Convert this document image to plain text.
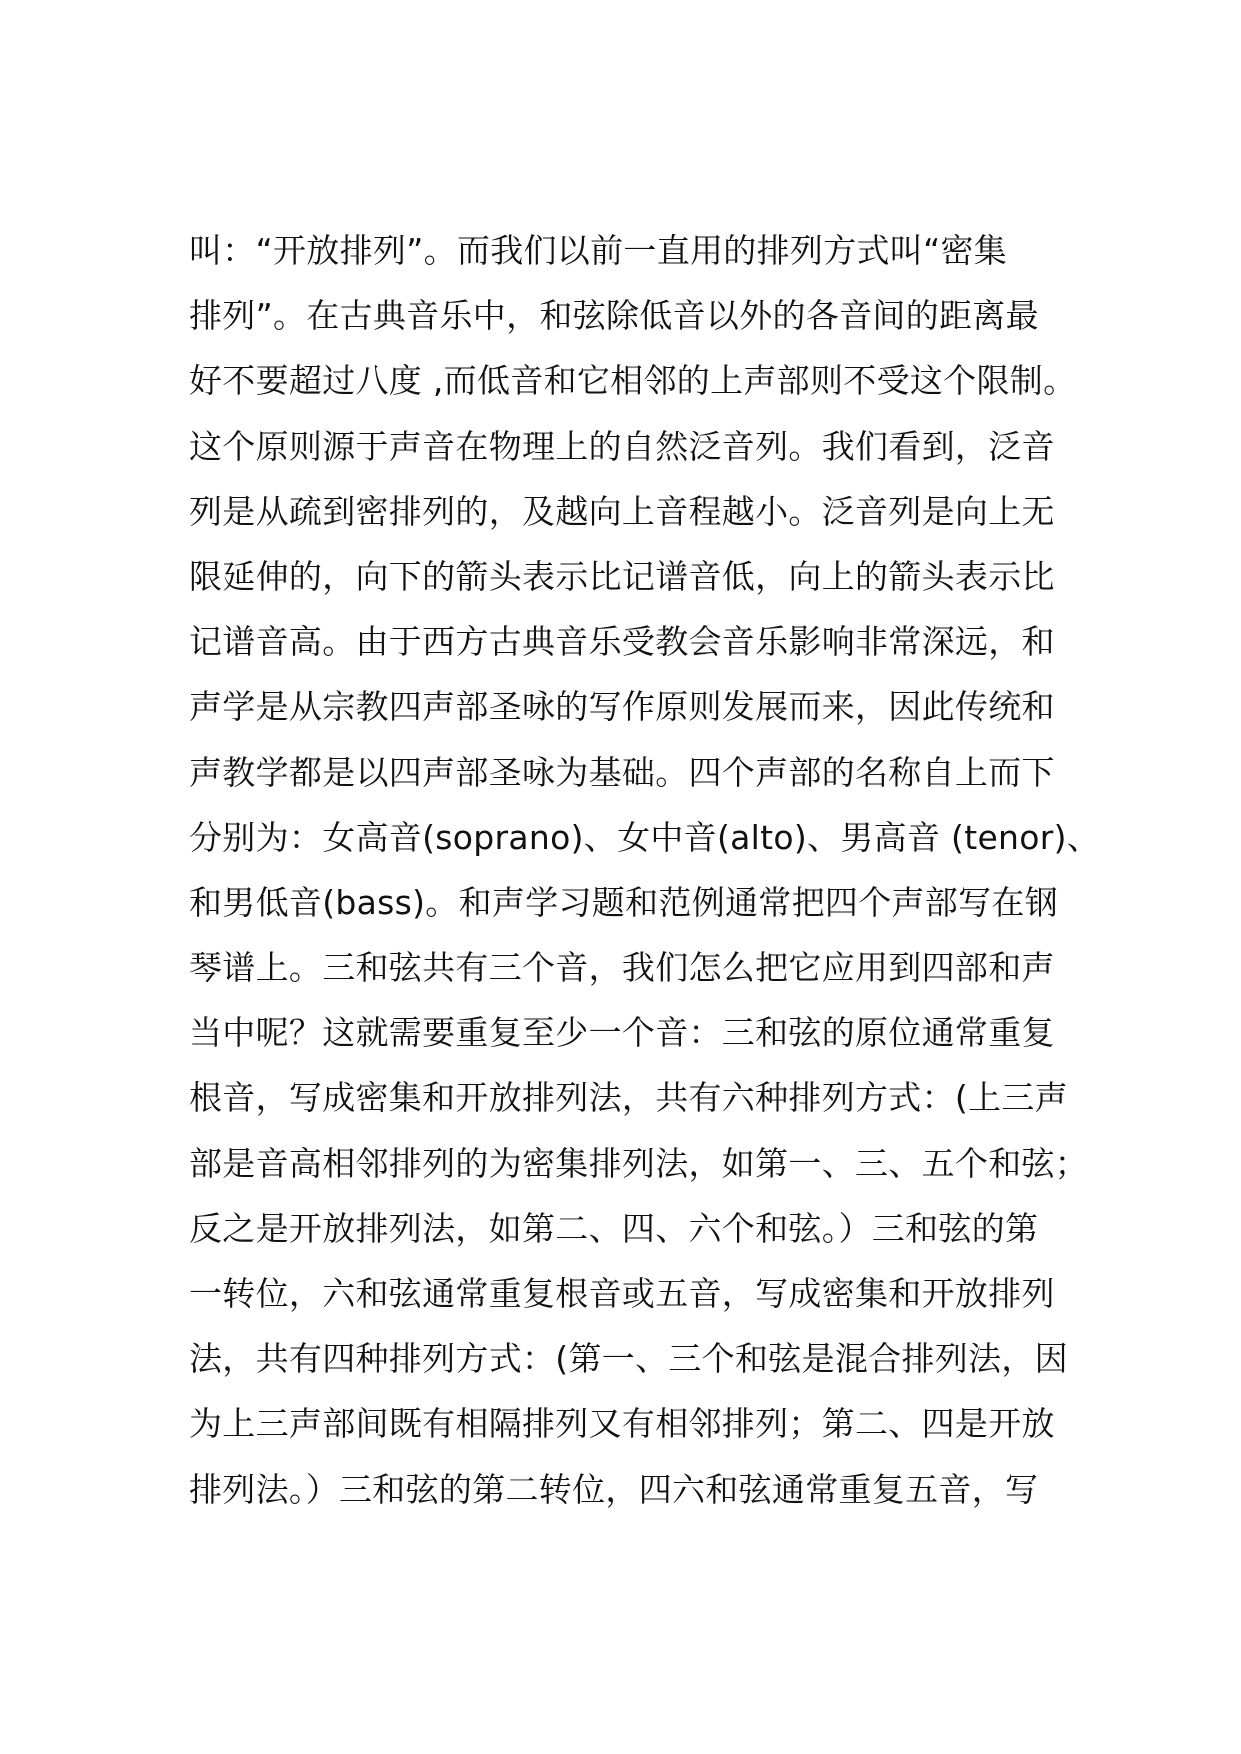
叫：“开放排列”。而我们以前一直用的排列方式叫“密集
排列”。在古典音乐中，和弦除低音以外的各音间的距离最
好不要超过八度 ,而低音和它相邻的上声部则不受这个限制。
这个原则源于声音在物理上的自然泛音列。我们看到，泛音
列是从疏到密排列的，及越向上音程越小。泛音列是向上无
限延伸的，向下的箭头表示比记谱音低，向上的箭头表示比
记谱音高。由于西方古典音乐受教会音乐影响非常深远，和
声学是从宗教四声部圣咏的写作原则发展而来，因此传统和
声教学都是以四声部圣咏为基础。四个声部的名称自上而下
分别为：女高音(soprano)、女中音(alto)、男高音 (tenor)、
和男低音(bass)。和声学习题和范例通常把四个声部写在钢
琴谱上。三和弦共有三个音，我们怎么把它应用到四部和声
当中呢？这就需要重复至少一个音：三和弦的原位通常重复
根音，写成密集和开放排列法，共有六种排列方式：(上三声
部是音高相邻排列的为密集排列法，如第一、三、五个和弦；
反之是开放排列法，如第二、四、六个和弦。）三和弦的第
一转位，六和弦通常重复根音或五音，写成密集和开放排列
法，共有四种排列方式：(第一、三个和弦是混合排列法，因
为上三声部间既有相隔排列又有相邻排列；第二、四是开放
排列法。）三和弦的第二转位，四六和弦通常重复五音，写
